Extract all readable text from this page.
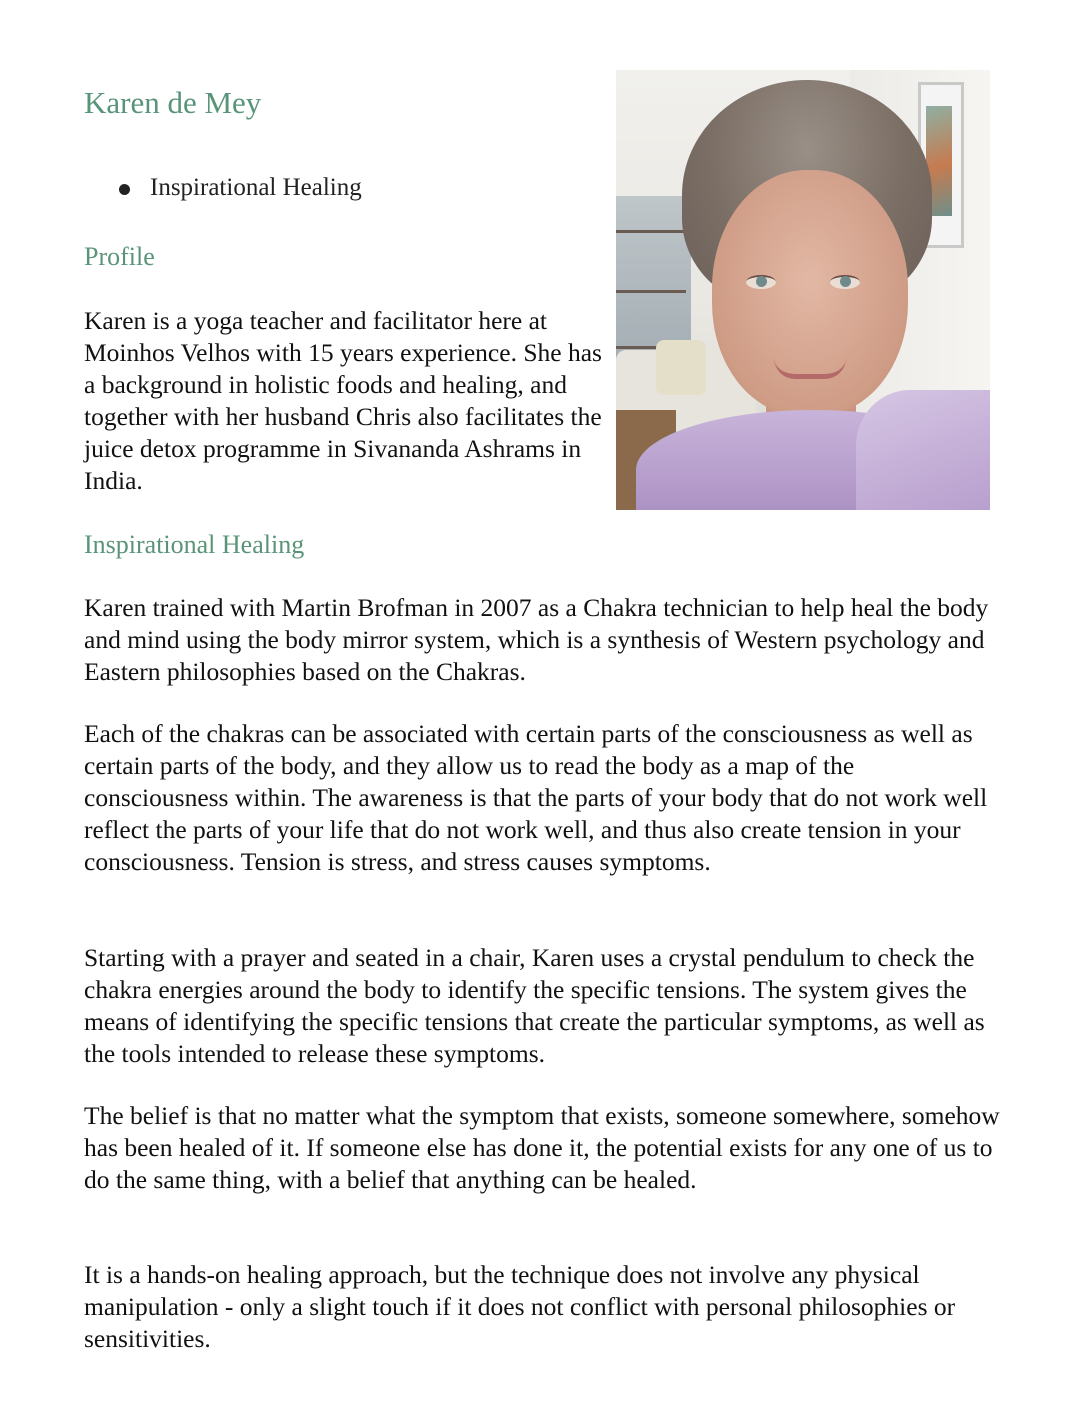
Karen de Mey
Inspirational Healing
Profile

Karen is a yoga teacher and facilitator here at Moinhos Velhos with 15 years experience. She has a background in holistic foods and healing, and together with her husband Chris also facilitates the juice detox programme in Sivananda Ashrams in India.

Inspirational Healing

Karen trained with Martin Brofman in 2007 as a Chakra technician to help heal the body and mind using the body mirror system, which is a synthesis of Western psychology and Eastern philosophies based on the Chakras.

Each of the chakras can be associated with certain parts of the consciousness as well as certain parts of the body, and they allow us to read the body as a map of the consciousness within. The awareness is that the parts of your body that do not work well reflect the parts of your life that do not work well, and thus also create tension in your consciousness. Tension is stress, and stress causes symptoms.

Starting with a prayer and seated in a chair, Karen uses a crystal pendulum to check the chakra energies around the body to identify the specific tensions. The system gives the means of identifying the specific tensions that create the particular symptoms, as well as the tools intended to release these symptoms.

The belief is that no matter what the symptom that exists, someone somewhere, somehow has been healed of it. If someone else has done it, the potential exists for any one of us to do the same thing, with a belief that anything can be healed.

It is a hands-on healing approach, but the technique does not involve any physical manipulation - only a slight touch if it does not conflict with personal philosophies or sensitivities.
